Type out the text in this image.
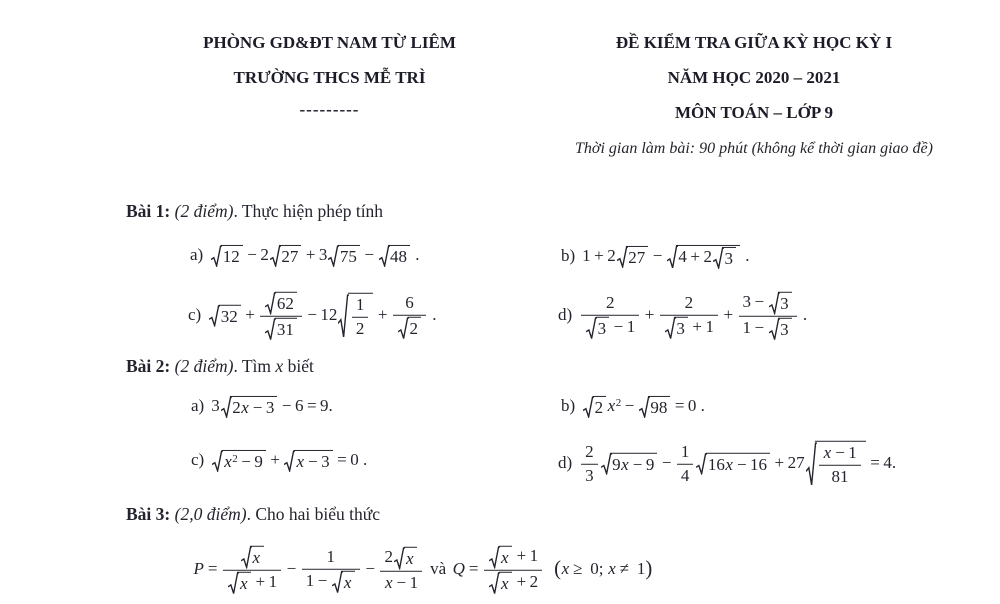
PHÒNG GD&ĐT NAM TỪ LIÊM
TRƯỜNG THCS MỄ TRÌ
---------
ĐỀ KIỂM TRA GIỮA KỲ HỌC KỲ I
NĂM HỌC 2020 – 2021
MÔN TOÁN – LỚP 9
Thời gian làm bài: 90 phút (không kể thời gian giao đề)
Bài 1: (2 điểm). Thực hiện phép tính
a) 12 − 2 27 + 3 75 − 48 .	b) 1 + 2 27 − 4 + 2 3 .
c) $32 + \frac{62}{31} - 12 \frac{1}{2} + \frac{6}{2}$ .	$d) \frac{2}{3 - 1} + \frac{2}{3 + 1} + \frac{3 - 3}{1 - 3}$ .
Bài 2: (2 điểm). Tìm x biết
a) 3 2x − 3 − 6 = 9.	b) 2 $x^2 - 98 = 0$ .
c) $x^2 - 9 + x - 3 = 0$ .	$d) \frac{2}{3} 9x - 9 - \frac{1}{4} 16x - 16 + 27 \frac{x - 1}{81} = 4$.
Bài 3: (2,0 điểm). Cho hai biểu thức
$P = \frac{x}{x + 1} - \frac{1}{1 - x} - \frac{2 x}{x - 1}$ và $Q = \frac{x + 1}{x + 2} (x \ge 0$; x ≠ 1)
